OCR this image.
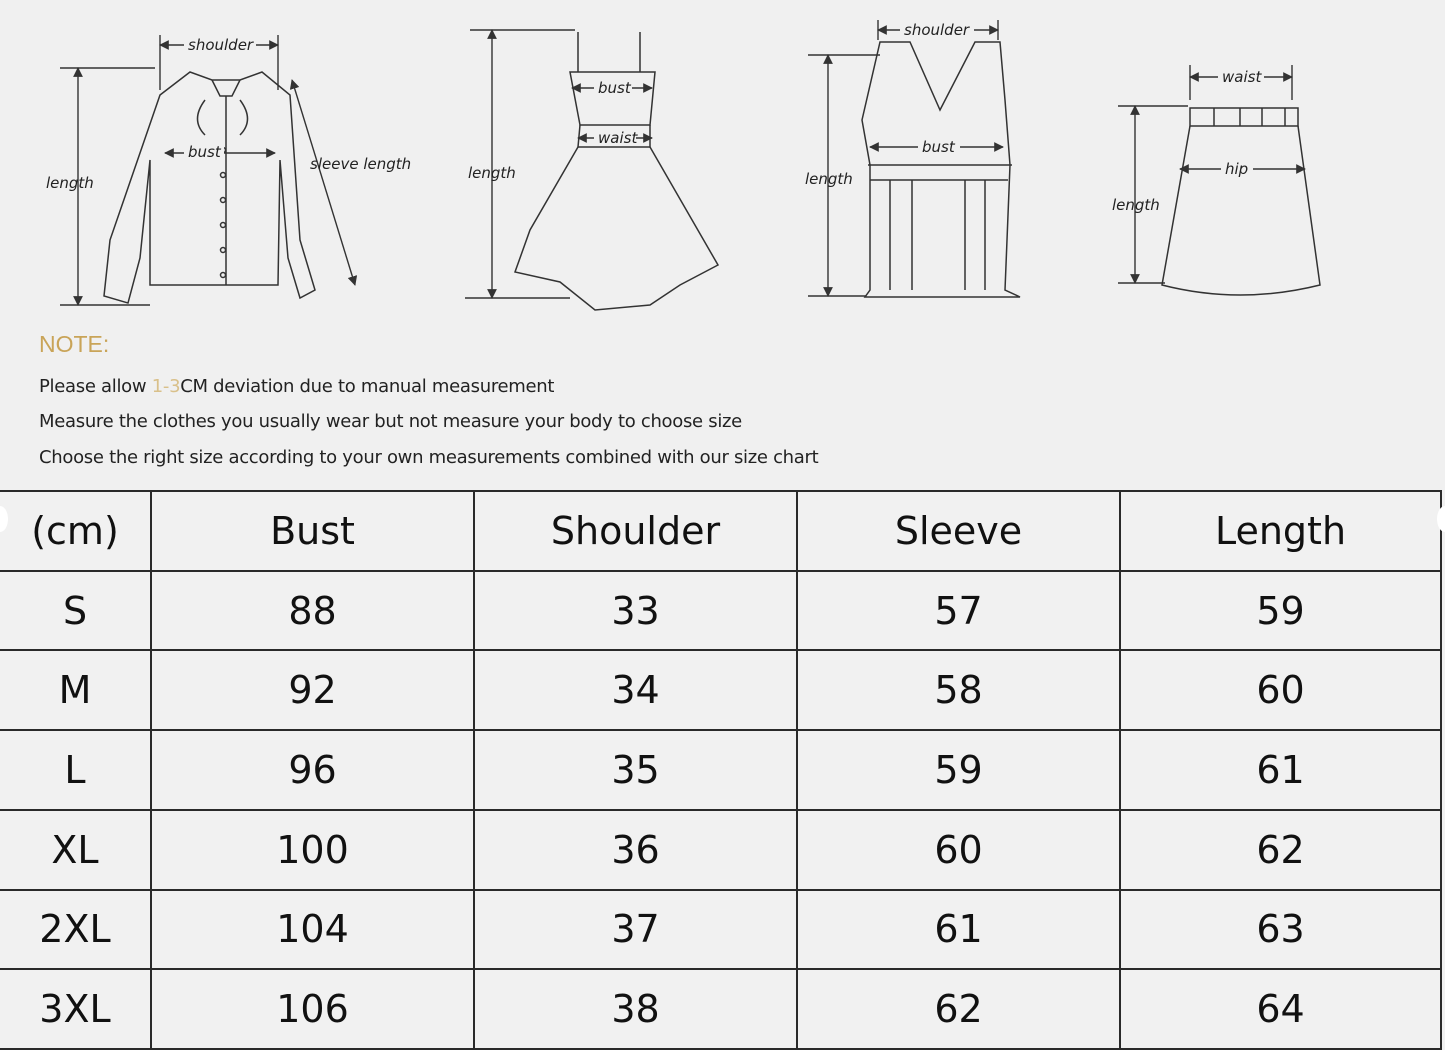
shoulder
bust
length
sleeve length
bust
waist
length
shoulder
bust
length
waist
hip
length
NOTE:
Please allow 1-3CM deviation due to manual measurement
Measure the clothes you usually wear but not measure your body to choose size
Choose the right size according to your own measurements combined with our size chart
(cm)	Bust	Shoulder	Sleeve	Length
S	88	33	57	59
M	92	34	58	60
L	96	35	59	61
XL	100	36	60	62
2XL	104	37	61	63
3XL	106	38	62	64
